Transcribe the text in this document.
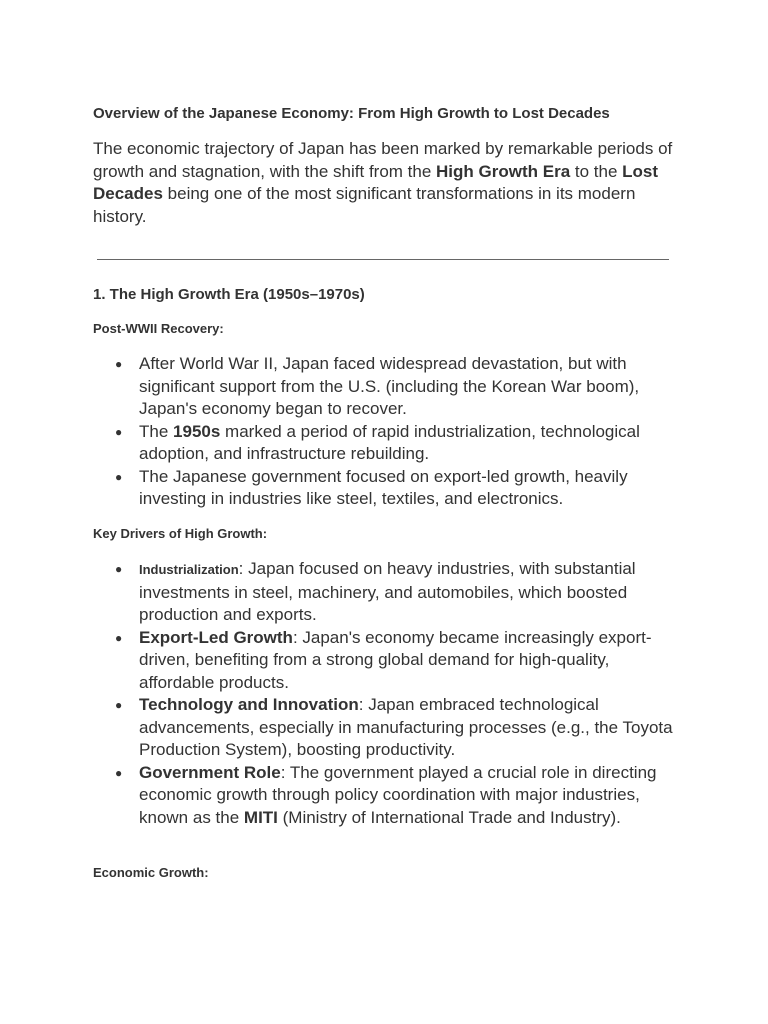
Overview of the Japanese Economy: From High Growth to Lost Decades

The economic trajectory of Japan has been marked by remarkable periods of growth and stagnation, with the shift from the High Growth Era to the Lost Decades being one of the most significant transformations in its modern history.

1. The High Growth Era (1950s–1970s)
Post-WWII Recovery:
● After World War II, Japan faced widespread devastation, but with significant support from the U.S. (including the Korean War boom), Japan's economy began to recover.
● The 1950s marked a period of rapid industrialization, technological adoption, and infrastructure rebuilding.
● The Japanese government focused on export-led growth, heavily investing in industries like steel, textiles, and electronics.
Key Drivers of High Growth:
● Industrialization: Japan focused on heavy industries, with substantial investments in steel, machinery, and automobiles, which boosted production and exports.
● Export-Led Growth: Japan's economy became increasingly export-driven, benefiting from a strong global demand for high-quality, affordable products.
● Technology and Innovation: Japan embraced technological advancements, especially in manufacturing processes (e.g., the Toyota Production System), boosting productivity.
● Government Role: The government played a crucial role in directing economic growth through policy coordination with major industries, known as the MITI (Ministry of International Trade and Industry).
Economic Growth:
